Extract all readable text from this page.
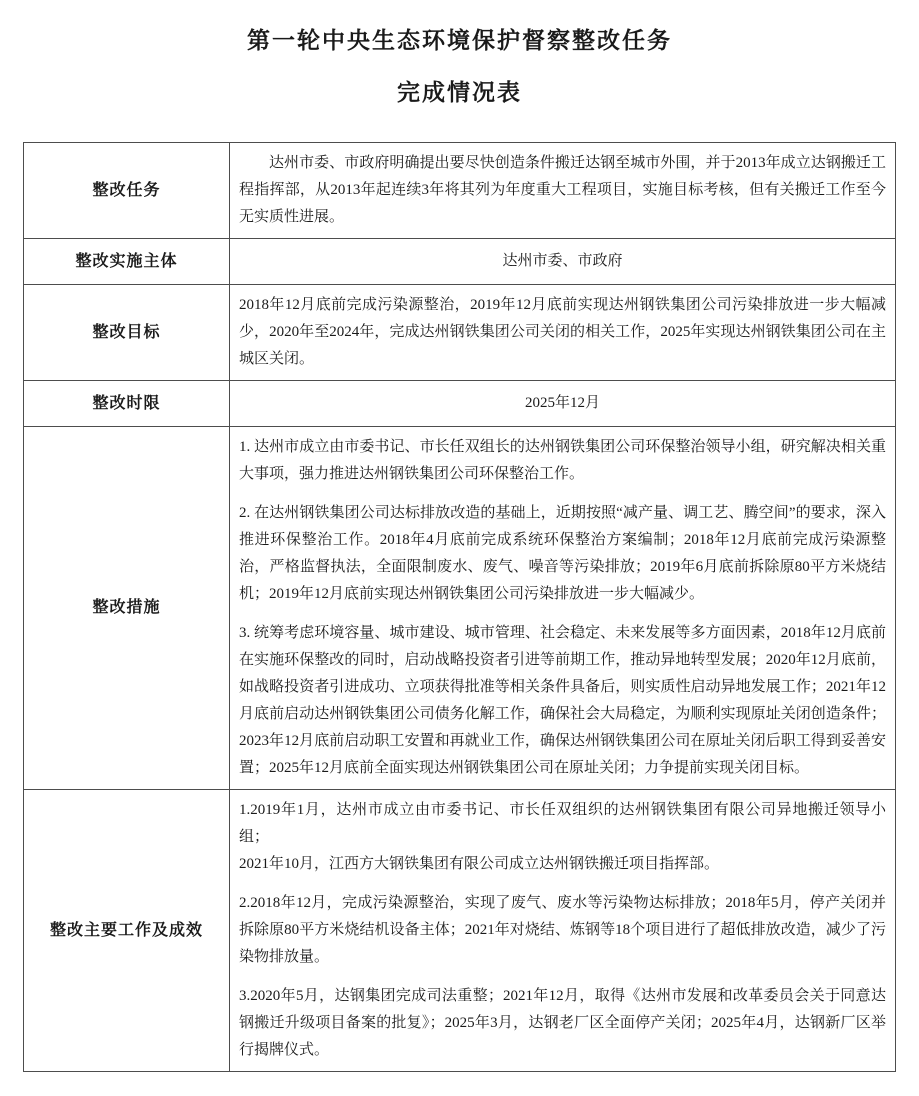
第一轮中央生态环境保护督察整改任务
完成情况表
整改任务	达州市委、市政府明确提出要尽快创造条件搬迁达钢至城市外围，并于2013年成立达钢搬迁工程指挥部，从2013年起连续3年将其列为年度重大工程项目，实施目标考核，但有关搬迁工作至今无实质性进展。

整改实施主体	达州市委、市政府

整改目标	2018年12月底前完成污染源整治，2019年12月底前实现达州钢铁集团公司污染排放进一步大幅减少，2020年至2024年，完成达州钢铁集团公司关闭的相关工作，2025年实现达州钢铁集团公司在主城区关闭。

整改时限	2025年12月

整改措施	1. 达州市成立由市委书记、市长任双组长的达州钢铁集团公司环保整治领导小组，研究解决相关重大事项，强力推进达州钢铁集团公司环保整治工作。

2. 在达州钢铁集团公司达标排放改造的基础上，近期按照“减产量、调工艺、腾空间”的要求，深入推进环保整治工作。2018年4月底前完成系统环保整治方案编制；2018年12月底前完成污染源整治，严格监督执法，全面限制废水、废气、噪音等污染排放；2019年6月底前拆除原80平方米烧结机；2019年12月底前实现达州钢铁集团公司污染排放进一步大幅减少。

3. 统筹考虑环境容量、城市建设、城市管理、社会稳定、未来发展等多方面因素，2018年12月底前在实施环保整改的同时，启动战略投资者引进等前期工作，推动异地转型发展；2020年12月底前，如战略投资者引进成功、立项获得批准等相关条件具备后，则实质性启动异地发展工作；2021年12月底前启动达州钢铁集团公司债务化解工作，确保社会大局稳定，为顺利实现原址关闭创造条件；2023年12月底前启动职工安置和再就业工作，确保达州钢铁集团公司在原址关闭后职工得到妥善安置；2025年12月底前全面实现达州钢铁集团公司在原址关闭；力争提前实现关闭目标。

整改主要工作及成效	1.2019年1月，达州市成立由市委书记、市长任双组织的达州钢铁集团有限公司异地搬迁领导小组；
2021年10月，江西方大钢铁集团有限公司成立达州钢铁搬迁项目指挥部。

2.2018年12月，完成污染源整治，实现了废气、废水等污染物达标排放；2018年5月，停产关闭并拆除原80平方米烧结机设备主体；2021年对烧结、炼钢等18个项目进行了超低排放改造，减少了污染物排放量。

3.2020年5月，达钢集团完成司法重整；2021年12月，取得《达州市发展和改革委员会关于同意达钢搬迁升级项目备案的批复》；2025年3月，达钢老厂区全面停产关闭；2025年4月，达钢新厂区举行揭牌仪式。
